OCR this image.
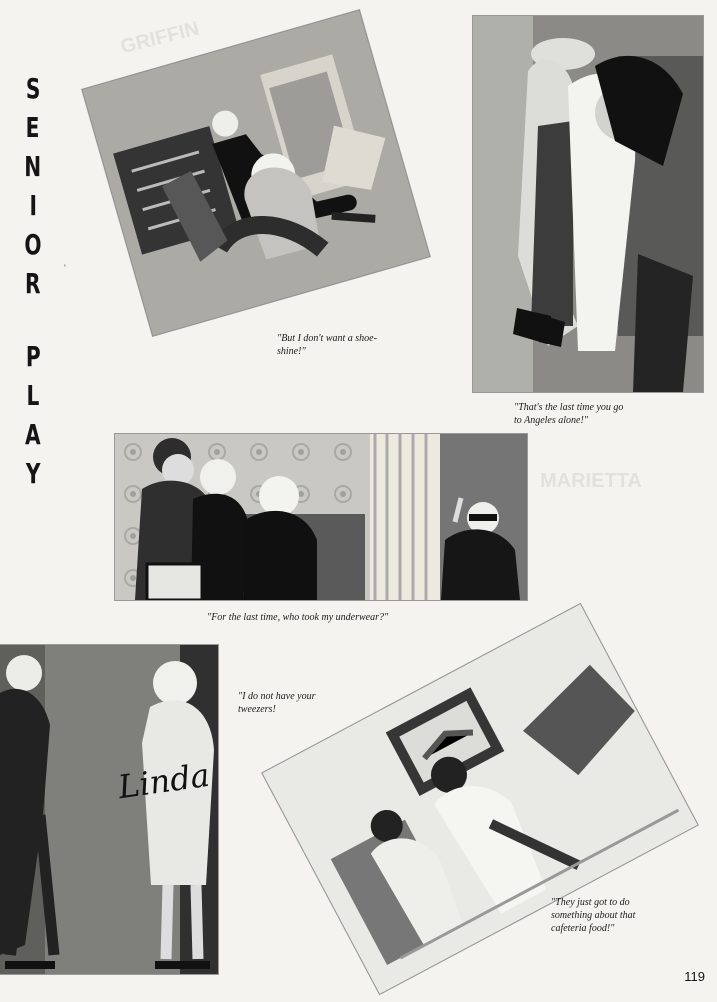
GRIFFIN
MARIETTA
S
E
N
I
O
R
P
L
A
Y
"But I don't want a shoe-
shine!"
"That's the last time you go
to Angeles alone!"
"For the last time, who took my underwear?"
Linda
"I do not have your
tweezers!
"They just got to do
something about that
cafeteria food!"
'
119
